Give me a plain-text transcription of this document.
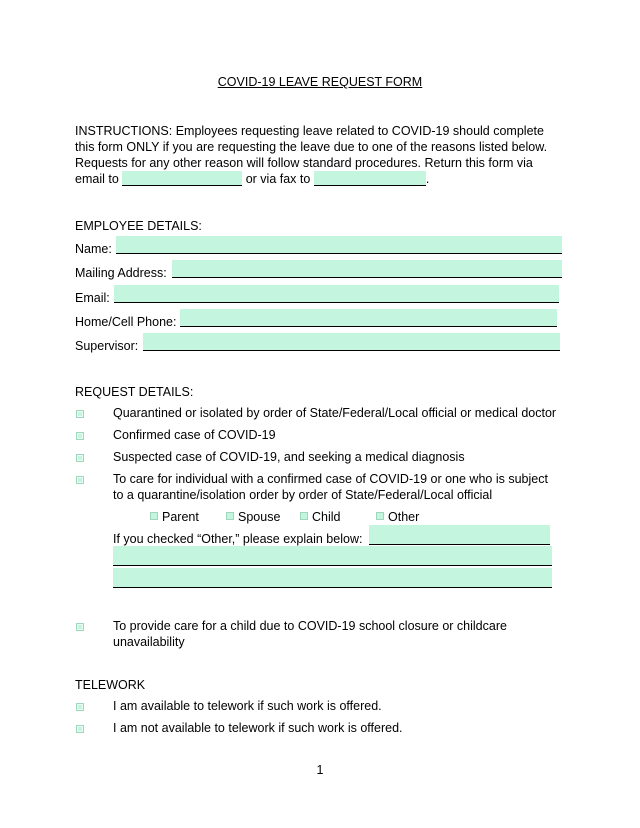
COVID-19 LEAVE REQUEST FORM
INSTRUCTIONS: Employees requesting leave related to COVID-19 should complete
this form ONLY if you are requesting the leave due to one of the reasons listed below.
Requests for any other reason will follow standard procedures. Return this form via
email to	or via fax to	.
EMPLOYEE DETAILS:
Name:
Mailing Address:
Email:
Home/Cell Phone:
Supervisor:
REQUEST DETAILS:
Quarantined or isolated by order of State/Federal/Local official or medical doctor
Confirmed case of COVID-19
Suspected case of COVID-19, and seeking a medical diagnosis
To care for individual with a confirmed case of COVID-19 or one who is subject
to a quarantine/isolation order by order of State/Federal/Local official
Parent	Spouse	Child	Other
If you checked “Other,” please explain below:
To provide care for a child due to COVID-19 school closure or childcare
unavailability
TELEWORK
I am available to telework if such work is offered.
I am not available to telework if such work is offered.
1
